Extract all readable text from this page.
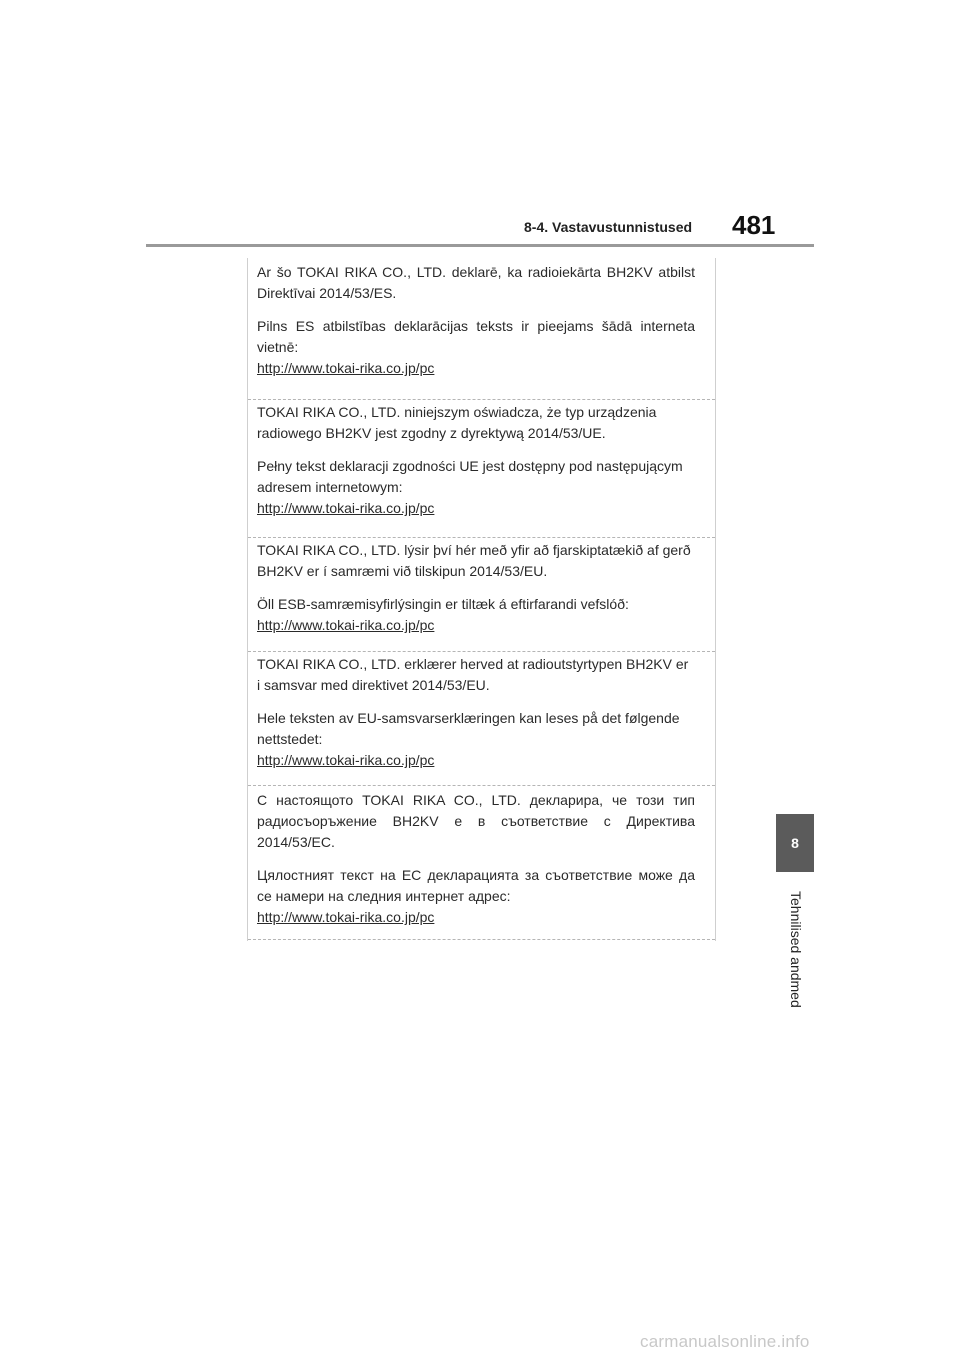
8-4. Vastavustunnistused 481

Ar šo TOKAI RIKA CO., LTD. deklarē, ka radioiekārta BH2KV atbilst

Direktīvai 2014/53/ES.

Pilns ES atbilstības deklarācijas teksts ir pieejams šādā interneta

vietnē:

http://www.tokai-rika.co.jp/pc

TOKAI RIKA CO., LTD. niniejszym oświadcza, że typ urządzenia

radiowego BH2KV jest zgodny z dyrektywą 2014/53/UE.

Pełny tekst deklaracji zgodności UE jest dostępny pod następującym

adresem internetowym:

http://www.tokai-rika.co.jp/pc

TOKAI RIKA CO., LTD. lýsir því hér með yfir að fjarskiptatækið af gerð

BH2KV er í samræmi við tilskipun 2014/53/EU.

Öll ESB-samræmisyfirlýsingin er tiltæk á eftirfarandi vefslóð:

http://www.tokai-rika.co.jp/pc

TOKAI RIKA CO., LTD. erklærer herved at radioutstyrtypen BH2KV er

i samsvar med direktivet 2014/53/EU.

Hele teksten av EU-samsvarserklæringen kan leses på det følgende

nettstedet:

http://www.tokai-rika.co.jp/pc

С настоящото TOKAI RIKA CO., LTD. декларира, че този тип

радиосъоръжение BH2KV е в съответствие с Директива

2014/53/ЕС.

Цялостният текст на ЕС декларацията за съответствие може да

се намери на следния интернет адрес:

http://www.tokai-rika.co.jp/pc
8
Tehnilised andmed
carmanualsonline.info
